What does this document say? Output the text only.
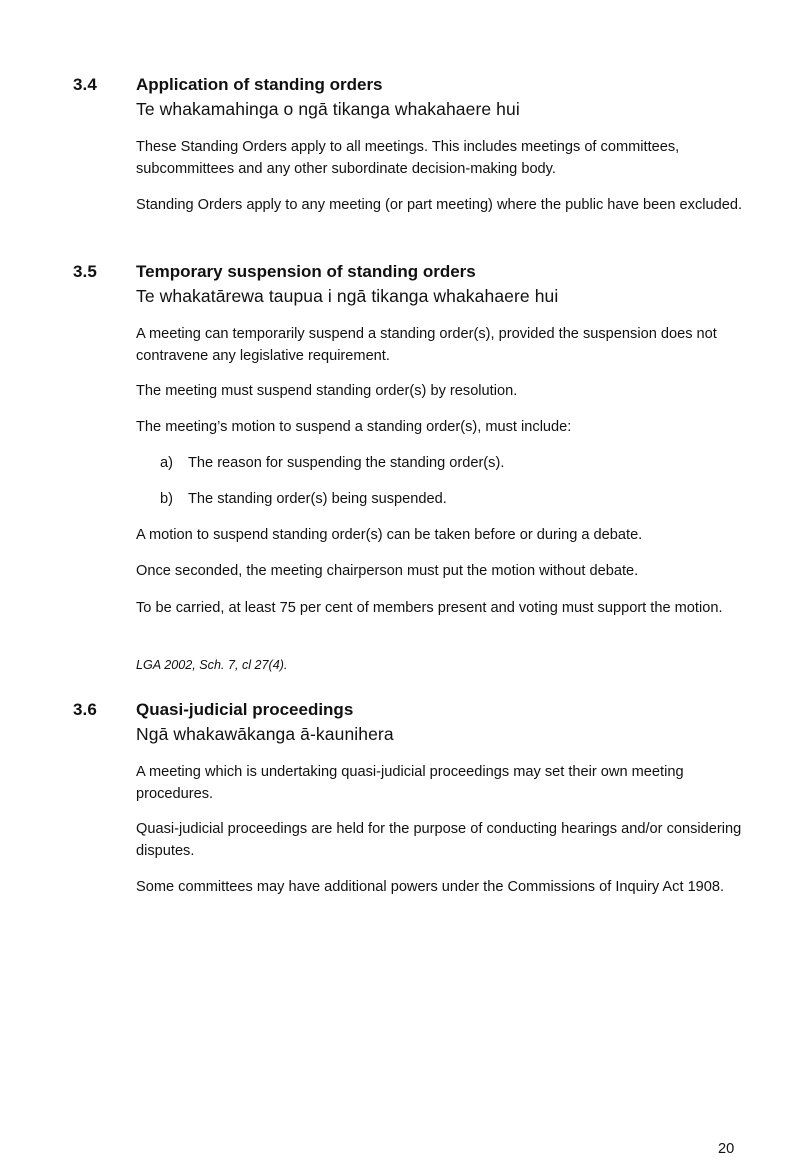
3.4 Application of standing orders
Te whakamahinga o ngā tikanga whakahaere hui

These Standing Orders apply to all meetings. This includes meetings of committees, subcommittees and any other subordinate decision-making body.

Standing Orders apply to any meeting (or part meeting) where the public have been excluded.

3.5 Temporary suspension of standing orders
Te whakatārewa taupua i ngā tikanga whakahaere hui

A meeting can temporarily suspend a standing order(s), provided the suspension does not contravene any legislative requirement.

The meeting must suspend standing order(s) by resolution.

The meeting’s motion to suspend a standing order(s), must include:

a) The reason for suspending the standing order(s).
b) The standing order(s) being suspended.

A motion to suspend standing order(s) can be taken before or during a debate.

Once seconded, the meeting chairperson must put the motion without debate.

To be carried, at least 75 per cent of members present and voting must support the motion.

LGA 2002, Sch. 7, cl 27(4).

3.6 Quasi-judicial proceedings
Ngā whakawākanga ā-kaunihera

A meeting which is undertaking quasi-judicial proceedings may set their own meeting procedures.

Quasi-judicial proceedings are held for the purpose of conducting hearings and/or considering disputes.

Some committees may have additional powers under the Commissions of Inquiry Act 1908.

20
